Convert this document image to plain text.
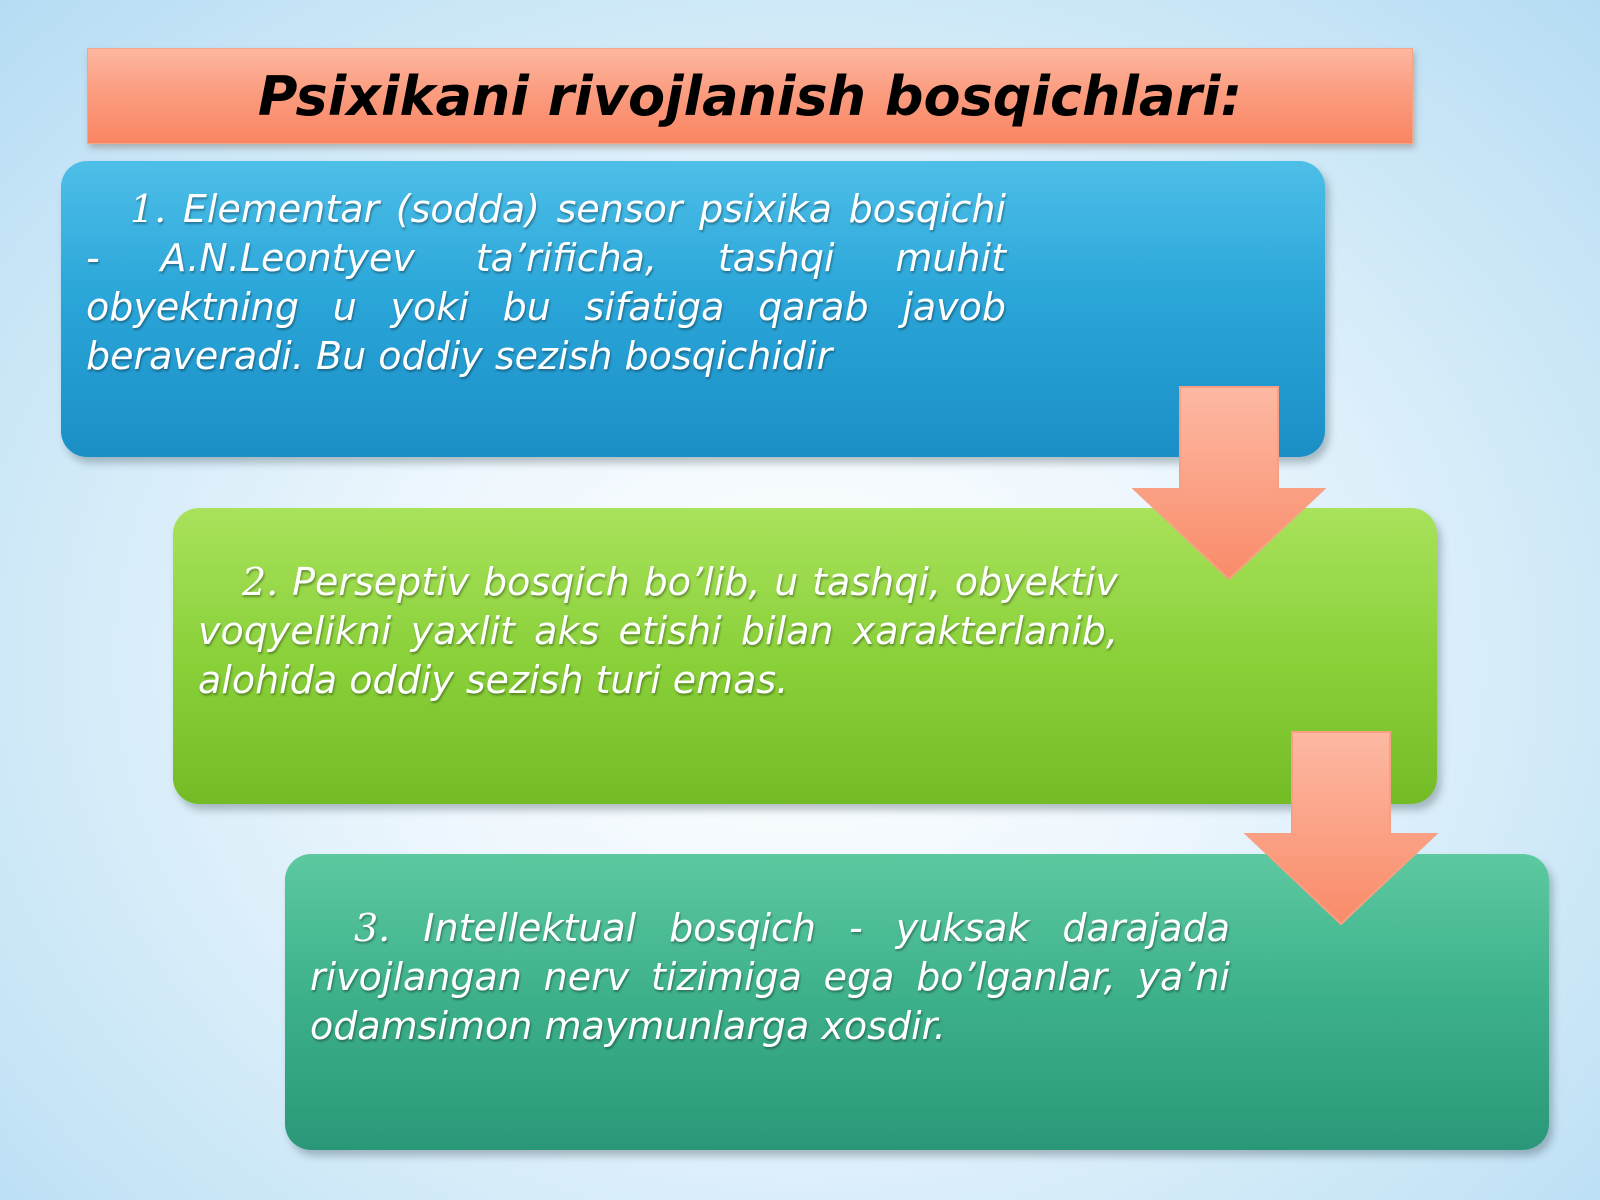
Psixikani rivojlanish bosqichlari:

1. Elementar (sodda) sensor psixika bosqichi - A.N.Leontyev ta’rificha, tashqi muhit obyektning u yoki bu sifatiga qarab javob beraveradi. Bu oddiy sezish bosqichidir

2. Perseptiv bosqich bo’lib, u tashqi, obyektiv voqyelikni yaxlit aks etishi bilan xarakterlanib, alohida oddiy sezish turi emas.

3. Intellektual bosqich - yuksak darajada rivojlangan nerv tizimiga ega bo’lganlar, ya’ni odamsimon maymunlarga xosdir.
